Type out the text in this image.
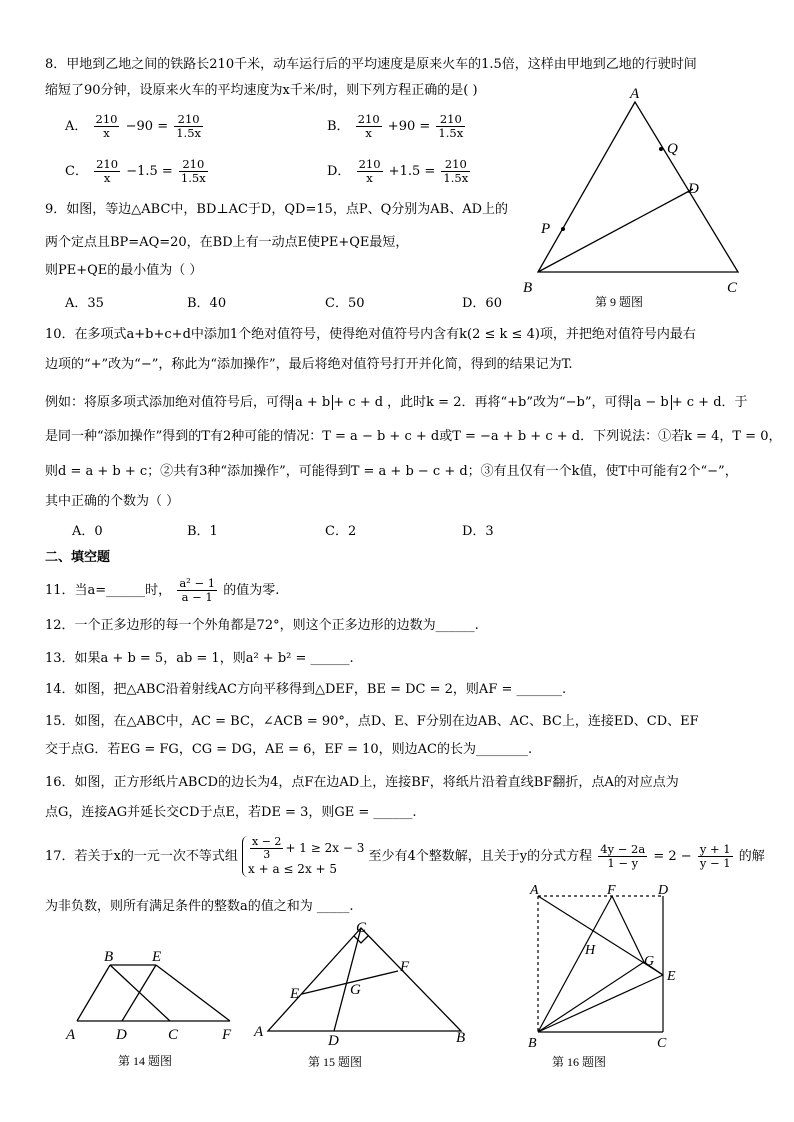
8．甲地到乙地之间的铁路长210千米，动车运行后的平均速度是原来火车的1.5倍，这样由甲地到乙地的行驶时间
缩短了90分钟，设原来火车的平均速度为x千米/时，则下列方程正确的是( )
A． $\frac{210}{x} -90 = \frac{210}{1.5x}$	B． $\frac{210}{x} +90 = \frac{210}{1.5x}$
C． $\frac{210}{x} -1.5 = \frac{210}{1.5x}$	D． $\frac{210}{x} +1.5 = \frac{210}{1.5x}$
9．如图，等边△ABC中，BD⊥AC于D，QD=15，点P、Q分别为AB、AD上的
两个定点且BP=AQ=20，在BD上有一动点E使PE+QE最短，
则PE+QE的最小值为（ ）
A．35	B．40	C．50	D．60
A
Q
D
P
B	C
第 9 题图
10．在多项式a+b+c+d中添加1个绝对值符号，使得绝对值符号内含有k(2 ≤ k ≤ 4)项，并把绝对值符号内最右
边项的“+”改为“−”，称此为“添加操作”，最后将绝对值符号打开并化简，得到的结果记为T.
例如：将原多项式添加绝对值符号后，可得 a + b + c + d ，此时k = 2．再将“+b”改为“−b”，可得 a − b + c + d．于
是同一种“添加操作”得到的T有2种可能的情况：T = a − b + c + d或T = −a + b + c + d．下列说法：①若k = 4，T = 0，
则d = a + b + c；②共有3种“添加操作”，可能得到T = a + b − c + d；③有且仅有一个k值，使T中可能有2个“−”，
其中正确的个数为（ ）
A．0	B．1	C．2	D．3
二、填空题
11．当a=______时， $\frac{\text{a² − 1}}{a - 1}$ 的值为零.
12．一个正多边形的每一个外角都是72°，则这个正多边形的边数为______.
13．如果a + b = 5，ab = 1，则a² + b² = ______.
14．如图，把△ABC沿着射线AC方向平移得到△DEF，BE = DC = 2，则AF = _______.
15．如图，在△ABC中，AC = BC，∠ACB = 90°，点D、E、F分别在边AB、AC、BC上，连接ED、CD、EF
交于点G．若EG = FG，CG = DG，AE = 6，EF = 10，则边AC的长为________.
16．如图，正方形纸片ABCD的边长为4，点F在边AD上，连接BF，将纸片沿着直线BF翻折，点A的对应点为
点G，连接AG并延长交CD于点E，若DE = 3，则GE = ______.
17．若关于x的一元一次不等式组 $\frac{x - 2}{3} + 1 \ge 2x - 3$
x + a ≤ 2x + 5 至少有4个整数解，且关于y的分式方程 $\frac{4y - 2a}{1 - y} = 2 - \frac{y + 1}{y - 1}$ 的解
为非负数，则所有满足条件的整数a的值之和为 _____.
B	E
A	D	C	F
第 14 题图
C
F
E	G
A
D	B
第 15 题图
A	F	D
H
G
E
B	C
第 16 题图
